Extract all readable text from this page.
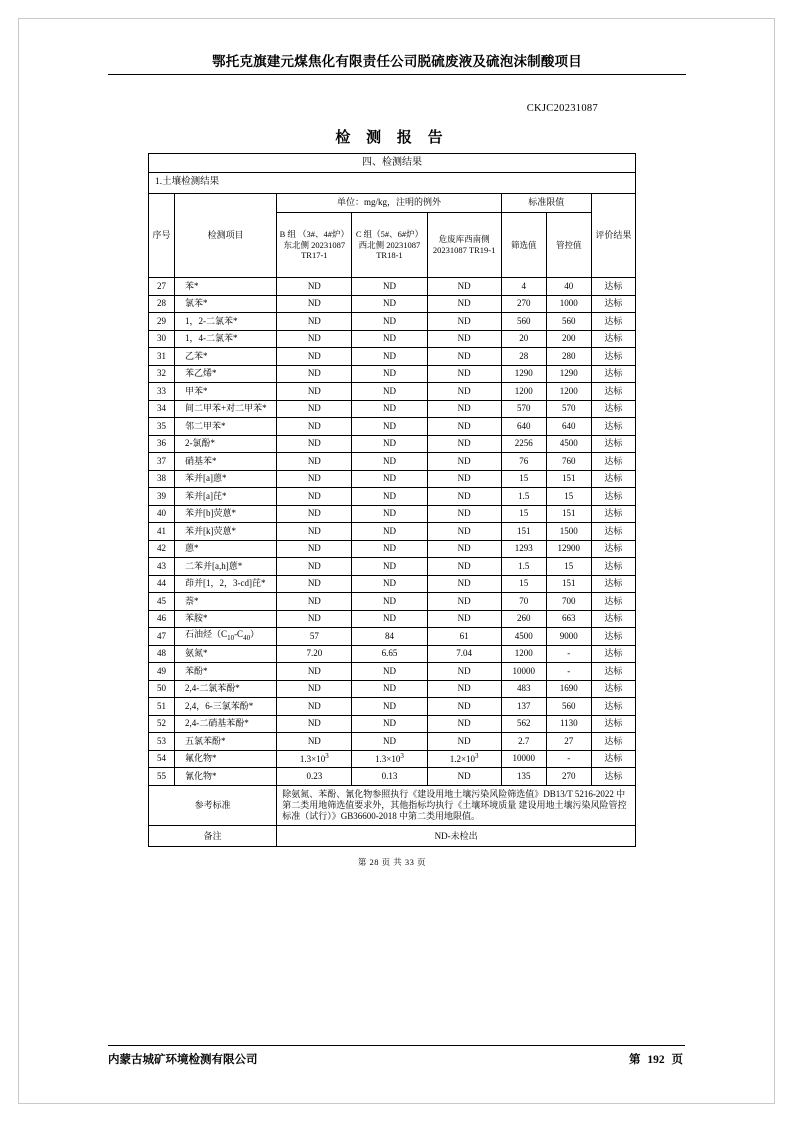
鄂托克旗建元煤焦化有限责任公司脱硫废液及硫泡沫制酸项目
CKJC20231087
检 测 报 告
四、检测结果							
1.土壤检测结果							
序号	检测项目	单位：mg/kg，注明的例外			标准限值		评价结果
		B 组 （3#、4#炉）东北侧 20231087 TR17-1	C 组（5#、6#炉）西北侧 20231087 TR18-1	危废库西南侧 20231087 TR19-1	筛选值	管控值	
27	苯*	ND	ND	ND	4	40	达标
28	氯苯*	ND	ND	ND	270	1000	达标
29	1，2-二氯苯*	ND	ND	ND	560	560	达标
30	1，4-二氯苯*	ND	ND	ND	20	200	达标
31	乙苯*	ND	ND	ND	28	280	达标
32	苯乙烯*	ND	ND	ND	1290	1290	达标
33	甲苯*	ND	ND	ND	1200	1200	达标
34	间二甲苯+对二甲苯*	ND	ND	ND	570	570	达标
35	邻二甲苯*	ND	ND	ND	640	640	达标
36	2-氯酚*	ND	ND	ND	2256	4500	达标
37	硝基苯*	ND	ND	ND	76	760	达标
38	苯并[a]蒽*	ND	ND	ND	15	151	达标
39	苯并[a]芘*	ND	ND	ND	1.5	15	达标
40	苯并[b]荧蒽*	ND	ND	ND	15	151	达标
41	苯并[k]荧蒽*	ND	ND	ND	151	1500	达标
42	蒽*	ND	ND	ND	1293	12900	达标
43	二苯并[a,h]蒽*	ND	ND	ND	1.5	15	达标
44	茚并[1，2，3-cd]芘*	ND	ND	ND	15	151	达标
45	萘*	ND	ND	ND	70	700	达标
46	苯胺*	ND	ND	ND	260	663	达标
47	石油烃$(C_{10}-C_{40})$	57	84	61	4500	9000	达标
48	氨氮*	7.20	6.65	7.04	1200	-	达标
49	苯酚*	ND	ND	ND	10000	-	达标
50	2,4-二氯苯酚*	ND	ND	ND	483	1690	达标
51	2,4，6-三氯苯酚*	ND	ND	ND	137	560	达标
52	2,4-二硝基苯酚*	ND	ND	ND	562	1130	达标
53	五氯苯酚*	ND	ND	ND	2.7	27	达标
54	氟化物*	$1.3\times 10^3$	$1.3\times 10^3$	$1.2\times 10^3$	10000	-	达标
55	氰化物*	0.23	0.13	ND	135	270	达标
参考标准		除氨氮、苯酚、氰化物参照执行《建设用地土壤污染风险筛选值》DB13/T 5216-2022 中第二类用地筛选值要求外，其他指标均执行《土壤环境质量 建设用地土壤污染风险管控标准（试行）》GB36600-2018 中第二类用地限值。					
备注		ND-未检出					
第 28 页 共 33 页
内蒙古城矿环境检测有限公司	第 192 页
